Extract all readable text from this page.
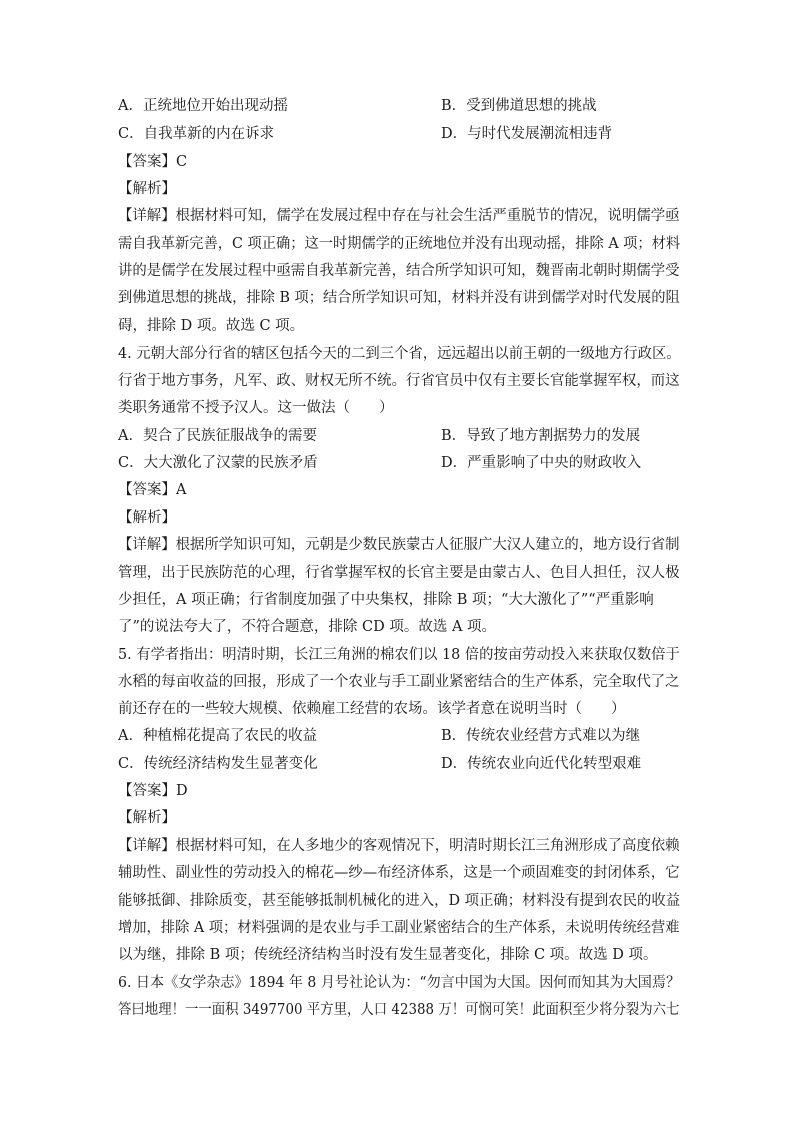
A．正统地位开始出现动摇	B．受到佛道思想的挑战
C．自我革新的内在诉求	D．与时代发展潮流相违背
【答案】C
【解析】
【详解】根据材料可知，儒学在发展过程中存在与社会生活严重脱节的情况，说明儒学亟
需自我革新完善，C 项正确；这一时期儒学的正统地位并没有出现动摇，排除 A 项；材料
讲的是儒学在发展过程中亟需自我革新完善，结合所学知识可知，魏晋南北朝时期儒学受
到佛道思想的挑战，排除 B 项；结合所学知识可知，材料并没有讲到儒学对时代发展的阻
碍，排除 D 项。故选 C 项。
4. 元朝大部分行省的辖区包括今天的二到三个省，远远超出以前王朝的一级地方行政区。
行省于地方事务，凡军、政、财权无所不统。行省官员中仅有主要长官能掌握军权，而这
类职务通常不授予汉人。这一做法（　　）
A．契合了民族征服战争的需要	B．导致了地方割据势力的发展
C．大大激化了汉蒙的民族矛盾	D．严重影响了中央的财政收入
【答案】A
【解析】
【详解】根据所学知识可知，元朝是少数民族蒙古人征服广大汉人建立的，地方设行省制
管理，出于民族防范的心理，行省掌握军权的长官主要是由蒙古人、色目人担任，汉人极
少担任，A 项正确；行省制度加强了中央集权，排除 B 项；“大大激化了”“严重影响
了”的说法夸大了，不符合题意，排除 CD 项。故选 A 项。
5. 有学者指出：明清时期，长江三角洲的棉农们以 18 倍的按亩劳动投入来获取仅数倍于
水稻的每亩收益的回报，形成了一个农业与手工副业紧密结合的生产体系，完全取代了之
前还存在的一些较大规模、依赖雇工经营的农场。该学者意在说明当时（　　）
A．种植棉花提高了农民的收益	B．传统农业经营方式难以为继
C．传统经济结构发生显著变化	D．传统农业向近代化转型艰难
【答案】D
【解析】
【详解】根据材料可知，在人多地少的客观情况下，明清时期长江三角洲形成了高度依赖
辅助性、副业性的劳动投入的棉花—纱—布经济体系，这是一个顽固难变的封闭体系，它
能够抵御、排除质变，甚至能够抵制机械化的进入，D 项正确；材料没有提到农民的收益
增加，排除 A 项；材料强调的是农业与手工副业紧密结合的生产体系，未说明传统经营难
以为继，排除 B 项；传统经济结构当时没有发生显著变化，排除 C 项。故选 D 项。
6. 日本《女学杂志》1894 年 8 月号社论认为：“勿言中国为大国。因何而知其为大国焉？
答曰地理！一一面积 3497700 平方里，人口 42388 万！可悯可笑！此面积至少将分裂为六七
